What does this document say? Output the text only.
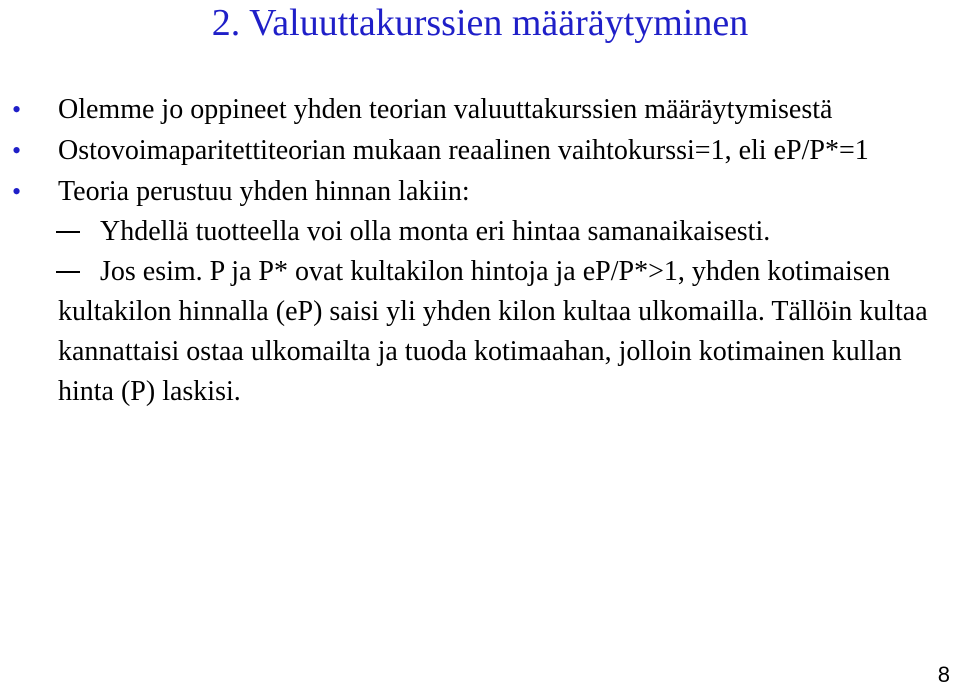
2. Valuuttakurssien määräytyminen

• Olemme jo oppineet yhden teorian valuuttakurssien määräytymisestä

• Ostovoimaparitettiteorian mukaan reaalinen vaihtokurssi=1, eli eP/P*=1

• Teoria perustuu yhden hinnan lakiin:

Yhdellä tuotteella voi olla monta eri hintaa samanaikaisesti.

Jos esim. P ja P* ovat kultakilon hintoja ja eP/P*>1, yhden kotimaisen kultakilon hinnalla (eP) saisi yli yhden kilon kultaa ulkomailla. Tällöin kultaa kannattaisi ostaa ulkomailta ja tuoda kotimaahan, jolloin kotimainen kullan hinta (P) laskisi.

8
